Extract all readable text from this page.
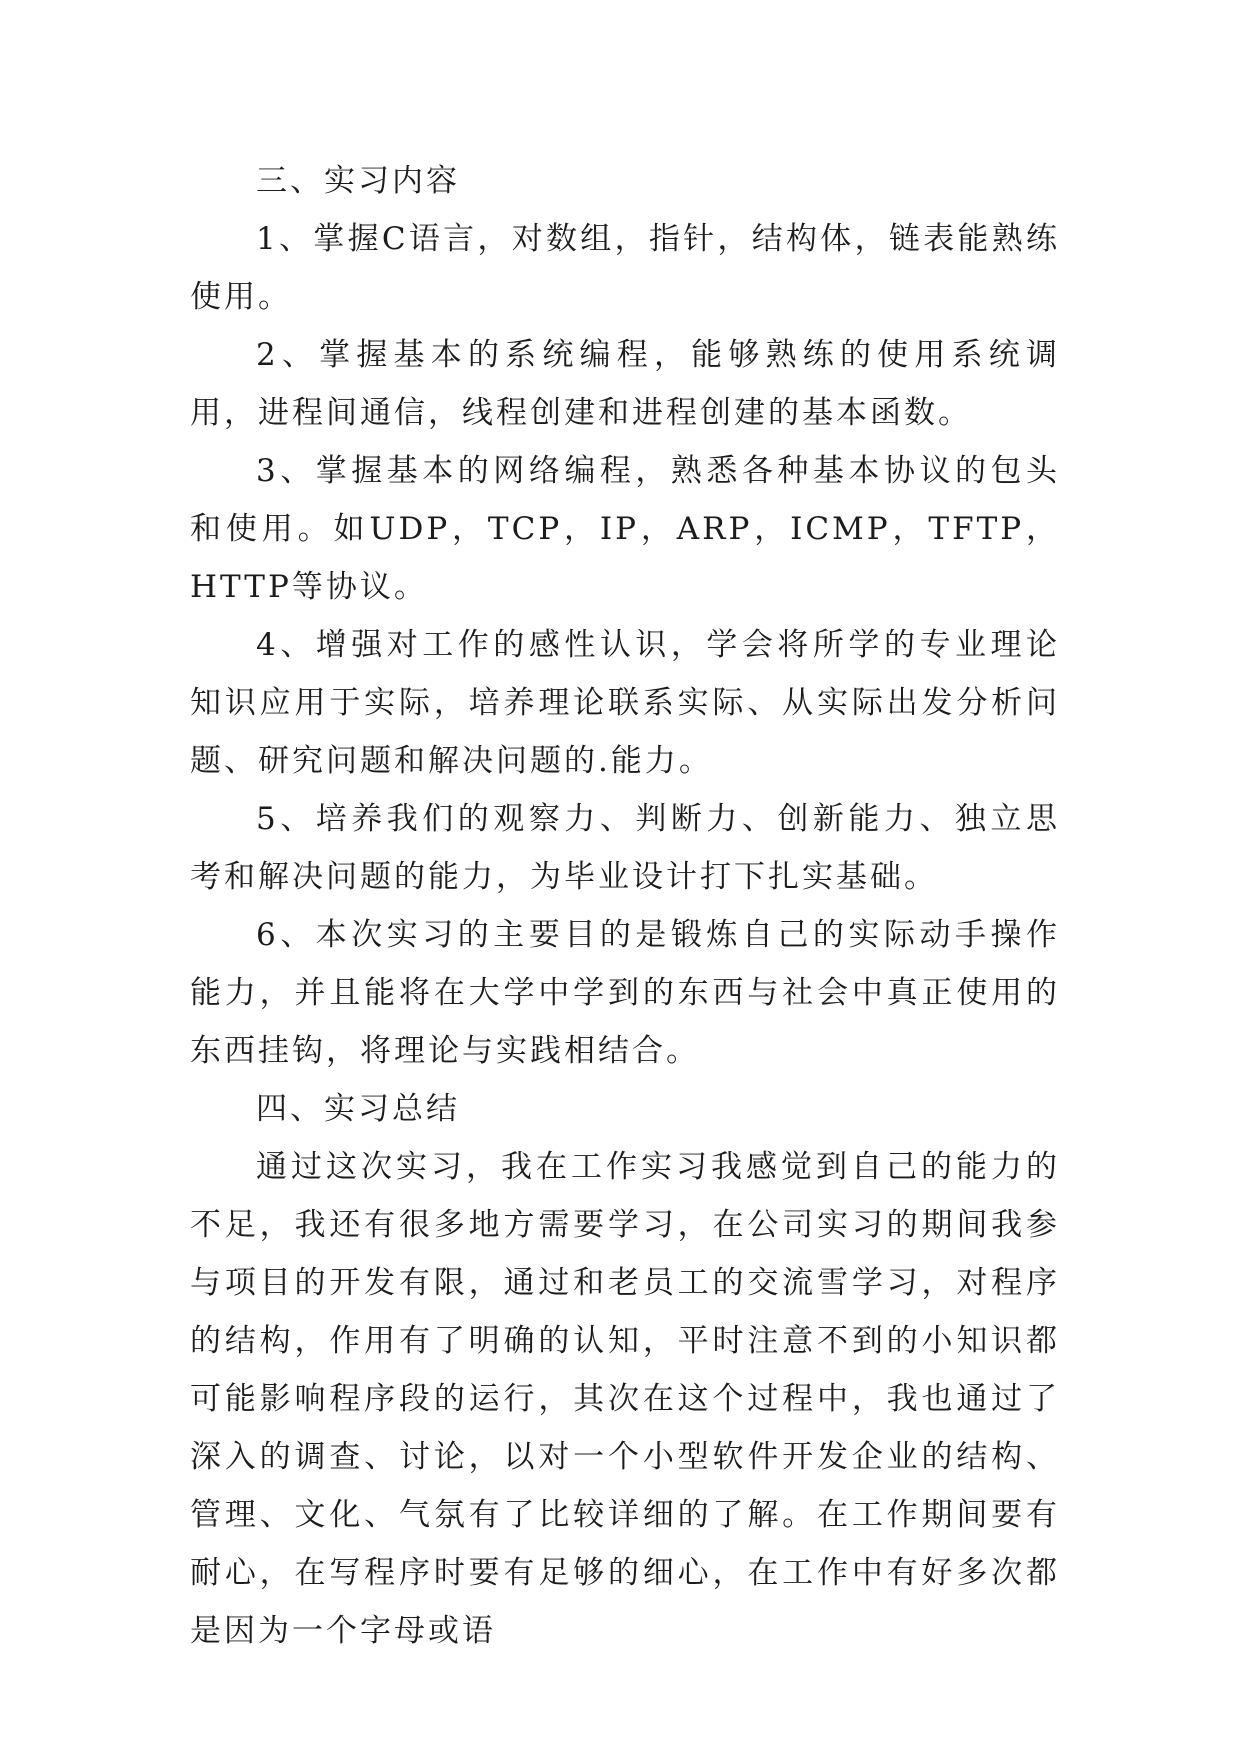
三、实习内容

1、掌握C语言，对数组，指针，结构体，链表能熟练使用。

2、掌握基本的系统编程，能够熟练的使用系统调用，进程间通信，线程创建和进程创建的基本函数。

3、掌握基本的网络编程，熟悉各种基本协议的包头和使用。如UDP，TCP，IP，ARP，ICMP，TFTP，HTTP等协议。

4、增强对工作的感性认识，学会将所学的专业理论知识应用于实际，培养理论联系实际、从实际出发分析问题、研究问题和解决问题的.能力。

5、培养我们的观察力、判断力、创新能力、独立思考和解决问题的能力，为毕业设计打下扎实基础。

6、本次实习的主要目的是锻炼自己的实际动手操作能力，并且能将在大学中学到的东西与社会中真正使用的东西挂钩，将理论与实践相结合。

四、实习总结

通过这次实习，我在工作实习我感觉到自己的能力的不足，我还有很多地方需要学习，在公司实习的期间我参与项目的开发有限，通过和老员工的交流雪学习，对程序的结构，作用有了明确的认知，平时注意不到的小知识都可能影响程序段的运行，其次在这个过程中，我也通过了深入的调查、讨论，以对一个小型软件开发企业的结构、管理、文化、气氛有了比较详细的了解。在工作期间要有耐心，在写程序时要有足够的细心，在工作中有好多次都是因为一个字母或语
